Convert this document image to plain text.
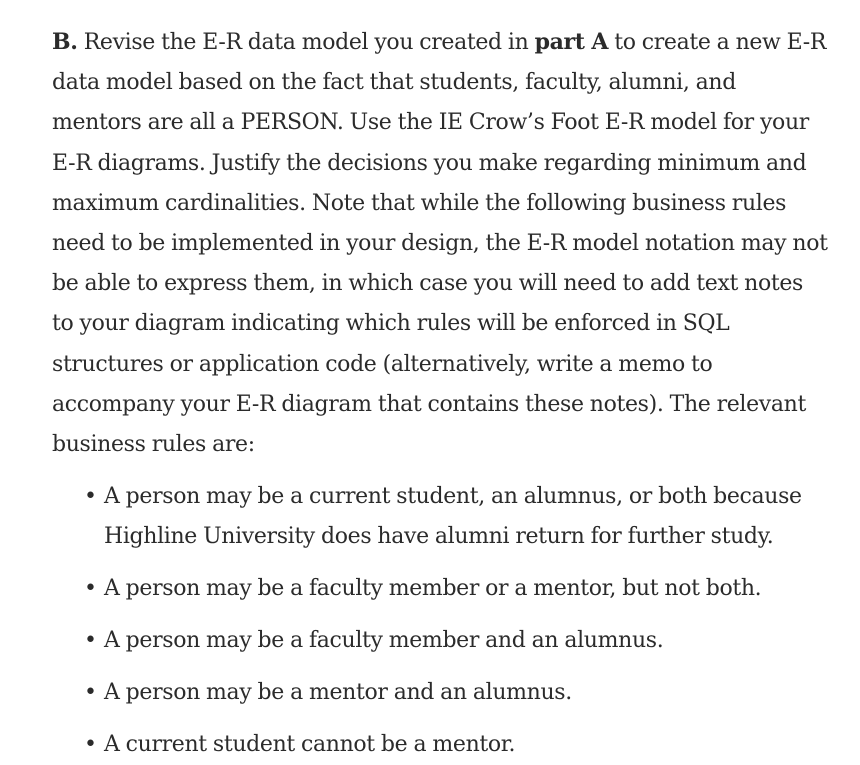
B. Revise the E-R data model you created in part A to create a new E-R data model based on the fact that students, faculty, alumni, and mentors are all a PERSON. Use the IE Crow’s Foot E-R model for your E-R diagrams. Justify the decisions you make regarding minimum and maximum cardinalities. Note that while the following business rules need to be implemented in your design, the E-R model notation may not be able to express them, in which case you will need to add text notes to your diagram indicating which rules will be enforced in SQL structures or application code (alternatively, write a memo to accompany your E-R diagram that contains these notes). The relevant business rules are:

• A person may be a current student, an alumnus, or both because Highline University does have alumni return for further study.
• A person may be a faculty member or a mentor, but not both.
• A person may be a faculty member and an alumnus.
• A person may be a mentor and an alumnus.
• A current student cannot be a mentor.
